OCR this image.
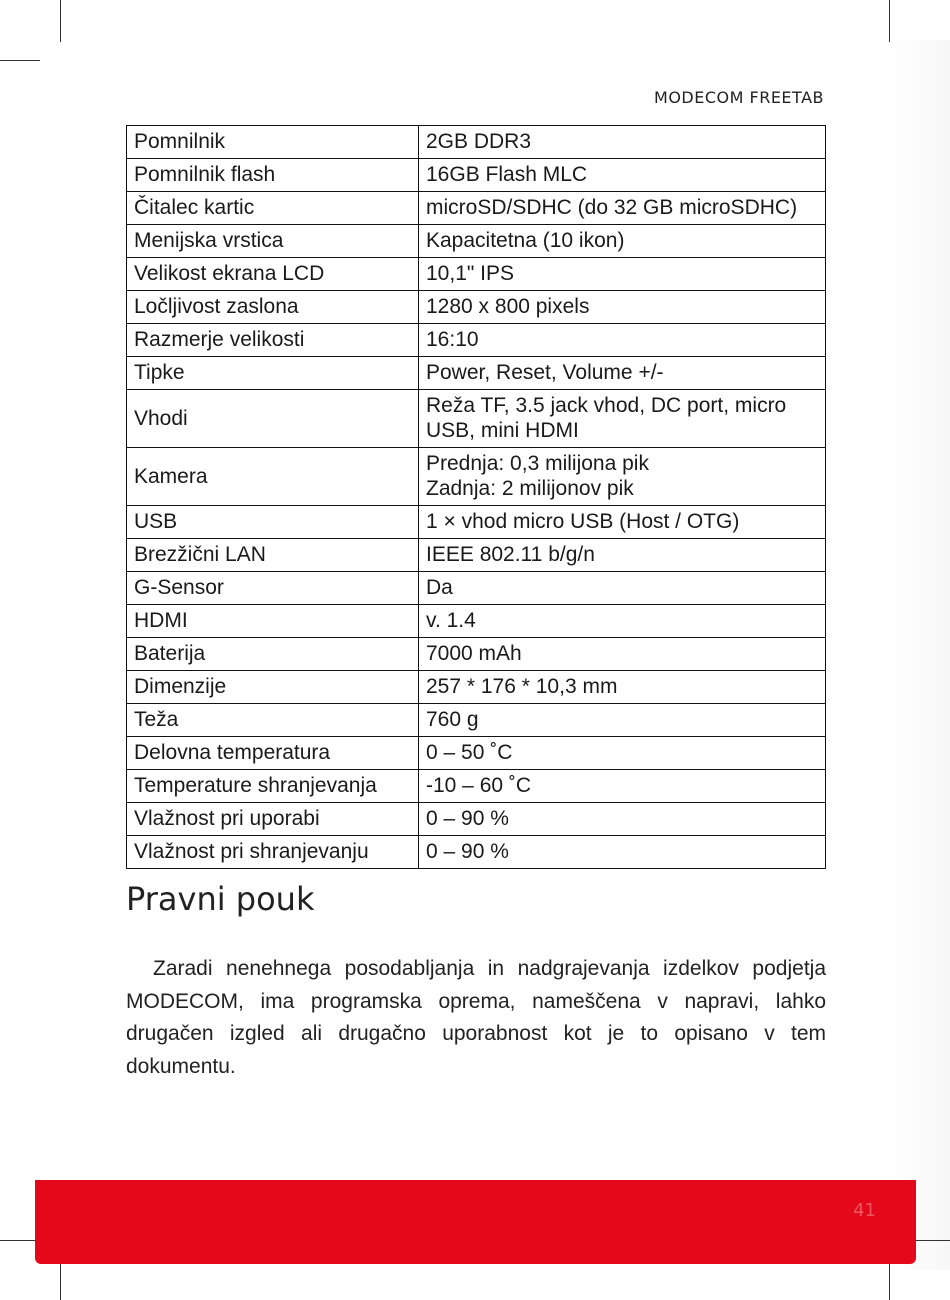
MODECOM FREETAB
Pomnilnik	2GB DDR3
Pomnilnik flash	16GB Flash MLC
Čitalec kartic	microSD/SDHC (do 32 GB microSDHC)
Menijska vrstica	Kapacitetna (10 ikon)
Velikost ekrana LCD	10,1" IPS
Ločljivost zaslona	1280 x 800 pixels
Razmerje velikosti	16:10
Tipke	Power, Reset, Volume +/-
Vhodi	Reža TF, 3.5 jack vhod, DC port, micro USB, mini HDMI
Kamera	Prednja: 0,3 milijona pik
Zadnja: 2 milijonov pik
USB	1 × vhod micro USB (Host / OTG)
Brezžični LAN	IEEE 802.11 b/g/n
G-Sensor	Da
HDMI	v. 1.4
Baterija	7000 mAh
Dimenzije	257 * 176 * 10,3 mm
Teža	760 g
Delovna temperatura	0 – 50 ˚C
Temperature shranjevanja	-10 – 60 ˚C
Vlažnost pri uporabi	0 – 90 %
Vlažnost pri shranjevanju	0 – 90 %
Pravni pouk

Zaradi nenehnega posodabljanja in nadgrajevanja izdelkov podjetja MODECOM, ima programska oprema, nameščena v napravi, lahko drugačen izgled ali drugačno uporabnost kot je to opisano v tem dokumentu.

41
